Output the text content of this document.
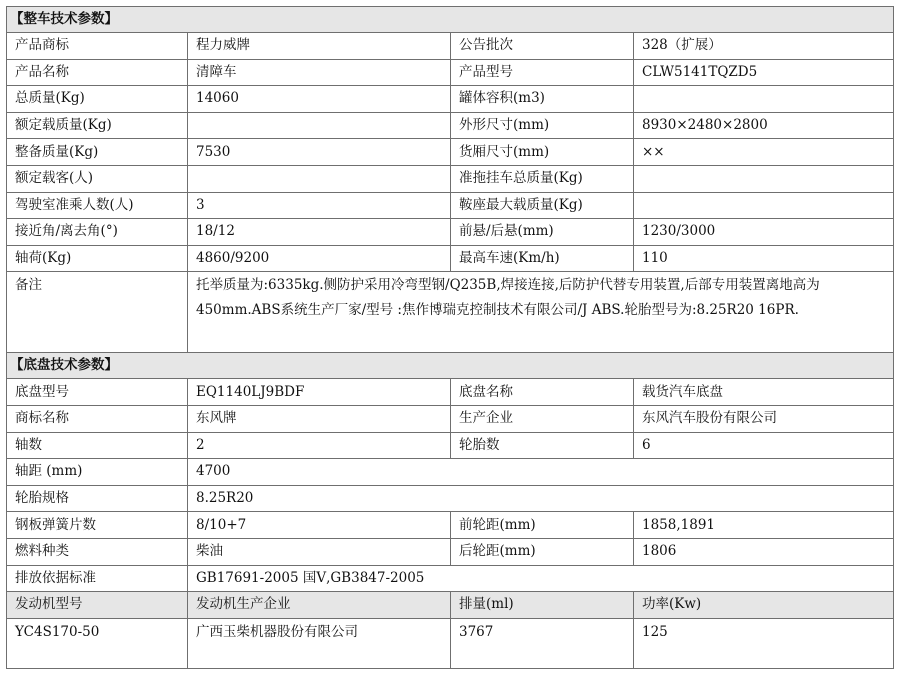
【整车技术参数】			
产品商标	程力威牌	公告批次	328（扩展）
产品名称	清障车	产品型号	CLW5141TQZD5
总质量(Kg)	14060	罐体容积(m3)	
额定载质量(Kg)		外形尺寸(mm)	8930×2480×2800
整备质量(Kg)	7530	货厢尺寸(mm)	××
额定载客(人)		准拖挂车总质量(Kg)	
驾驶室准乘人数(人)	3	鞍座最大载质量(Kg)	
接近角/离去角(°)	18/12	前悬/后悬(mm)	1230/3000
轴荷(Kg)	4860/9200	最高车速(Km/h)	110
备注	托举质量为:6335kg.侧防护采用冷弯型钢/Q235B,焊接连接,后防护代替专用装置,后部专用装置离地高为450mm.ABS系统生产厂家/型号 :焦作博瑞克控制技术有限公司/J ABS.轮胎型号为:8.25R20 16PR.		
【底盘技术参数】			
底盘型号	EQ1140LJ9BDF	底盘名称	载货汽车底盘
商标名称	东风牌	生产企业	东风汽车股份有限公司
轴数	2	轮胎数	6
轴距 (mm)	4700		
轮胎规格	8.25R20		
钢板弹簧片数	8/10+7	前轮距(mm)	1858,1891
燃料种类	柴油	后轮距(mm)	1806
排放依据标准	GB17691-2005 国Ⅴ,GB3847-2005		
发动机型号	发动机生产企业	排量(ml)	功率(Kw)
YC4S170-50	广西玉柴机器股份有限公司	3767	125
